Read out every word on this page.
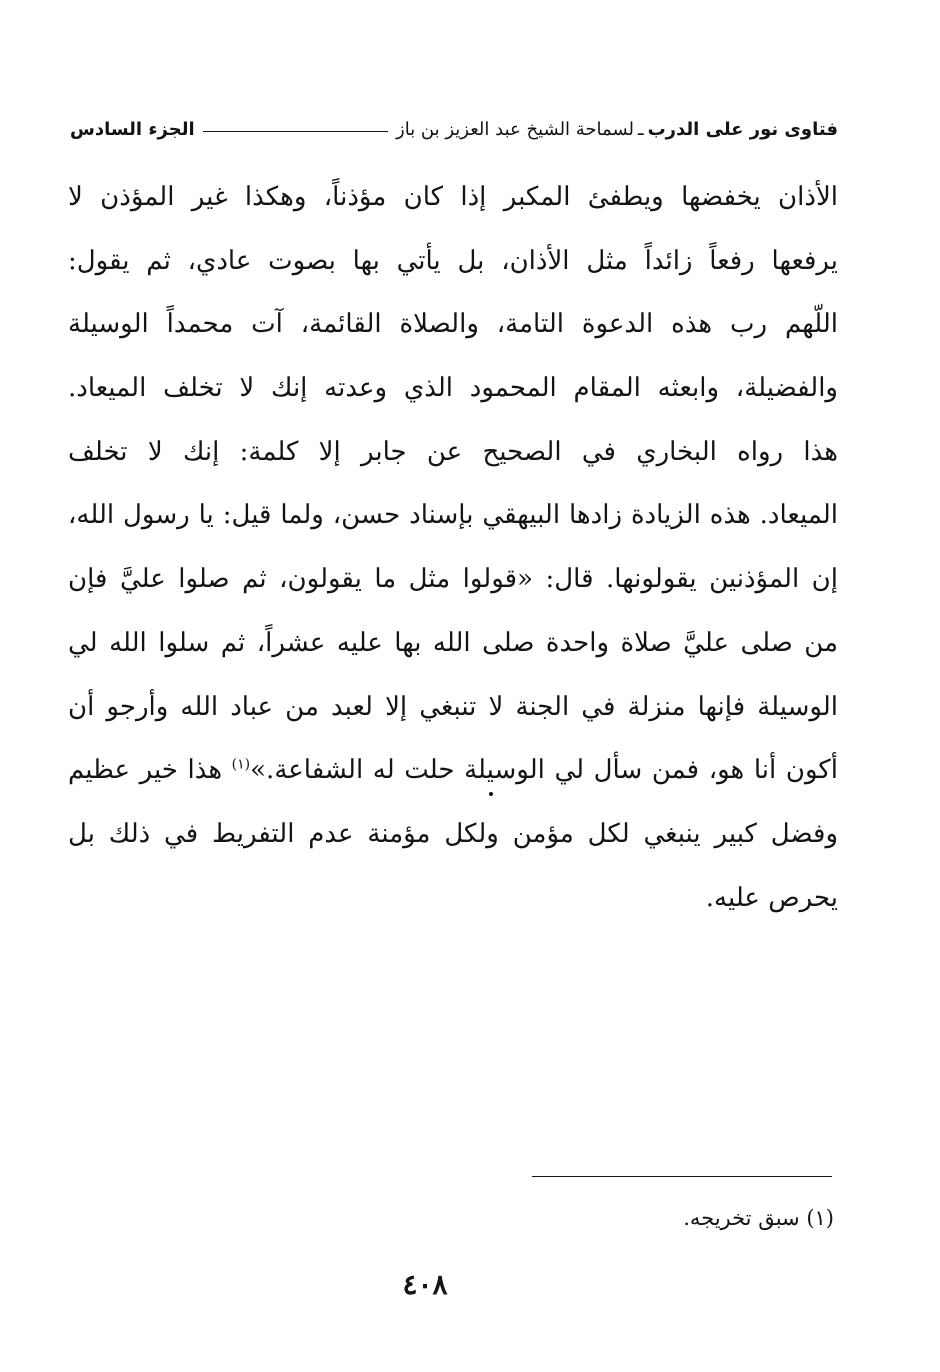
فتاوى نور على الدرب
ـ
لسماحة الشيخ عبد العزيز بن باز
الجزء السادس
الأذان يخفضها ويطفئ المكبر إذا كان مؤذناً، وهكذا غير المؤذن لا
يرفعها رفعاً زائداً مثل الأذان، بل يأتي بها بصوت عادي، ثم يقول:
اللّهم رب هذه الدعوة التامة، والصلاة القائمة، آت محمداً الوسيلة
والفضيلة، وابعثه المقام المحمود الذي وعدته إنك لا تخلف الميعاد.
هذا رواه البخاري في الصحيح عن جابر إلا كلمة: إنك لا تخلف
الميعاد. هذه الزيادة زادها البيهقي بإسناد حسن، ولما قيل: يا رسول الله،
إن المؤذنين يقولونها. قال: «قولوا مثل ما يقولون، ثم صلوا عليَّ فإن
من صلى عليَّ صلاة واحدة صلى الله بها عليه عشراً، ثم سلوا الله لي
الوسيلة فإنها منزلة في الجنة لا تنبغي إلا لعبد من عباد الله وأرجو أن
أكون أنا هو، فمن سأل لي الوسيلة حلت له الشفاعة.»$^{(١)}$ هذا خير عظيم
وفضل كبير ينبغي لكل مؤمن ولكل مؤمنة عدم التفريط في ذلك بل
يحرص عليه.
(١) سبق تخريجه.
٤٠٨
